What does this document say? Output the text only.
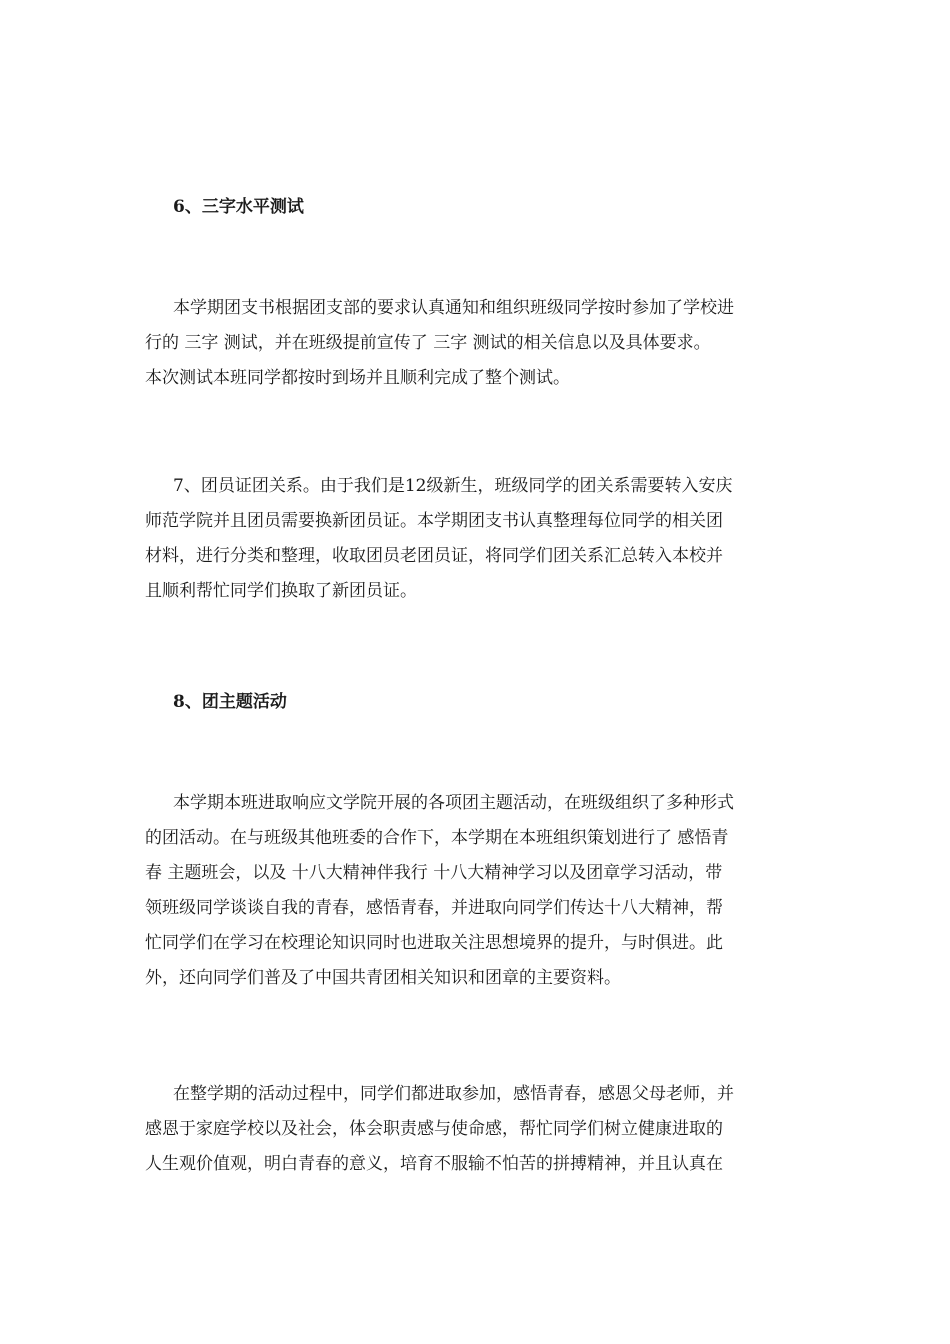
6、三字水平测试

本学期团支书根据团支部的要求认真通知和组织班级同学按时参加了学校进

行的 三字 测试，并在班级提前宣传了 三字 测试的相关信息以及具体要求。

本次测试本班同学都按时到场并且顺利完成了整个测试。

7、团员证团关系。由于我们是12级新生，班级同学的团关系需要转入安庆

师范学院并且团员需要换新团员证。本学期团支书认真整理每位同学的相关团

材料，进行分类和整理，收取团员老团员证，将同学们团关系汇总转入本校并

且顺利帮忙同学们换取了新团员证。

8、团主题活动

本学期本班进取响应文学院开展的各项团主题活动，在班级组织了多种形式

的团活动。在与班级其他班委的合作下，本学期在本班组织策划进行了 感悟青

春 主题班会，以及 十八大精神伴我行 十八大精神学习以及团章学习活动，带

领班级同学谈谈自我的青春，感悟青春，并进取向同学们传达十八大精神，帮

忙同学们在学习在校理论知识同时也进取关注思想境界的提升，与时俱进。此

外，还向同学们普及了中国共青团相关知识和团章的主要资料。

在整学期的活动过程中，同学们都进取参加，感悟青春，感恩父母老师，并

感恩于家庭学校以及社会，体会职责感与使命感，帮忙同学们树立健康进取的

人生观价值观，明白青春的意义，培育不服输不怕苦的拼搏精神，并且认真在
